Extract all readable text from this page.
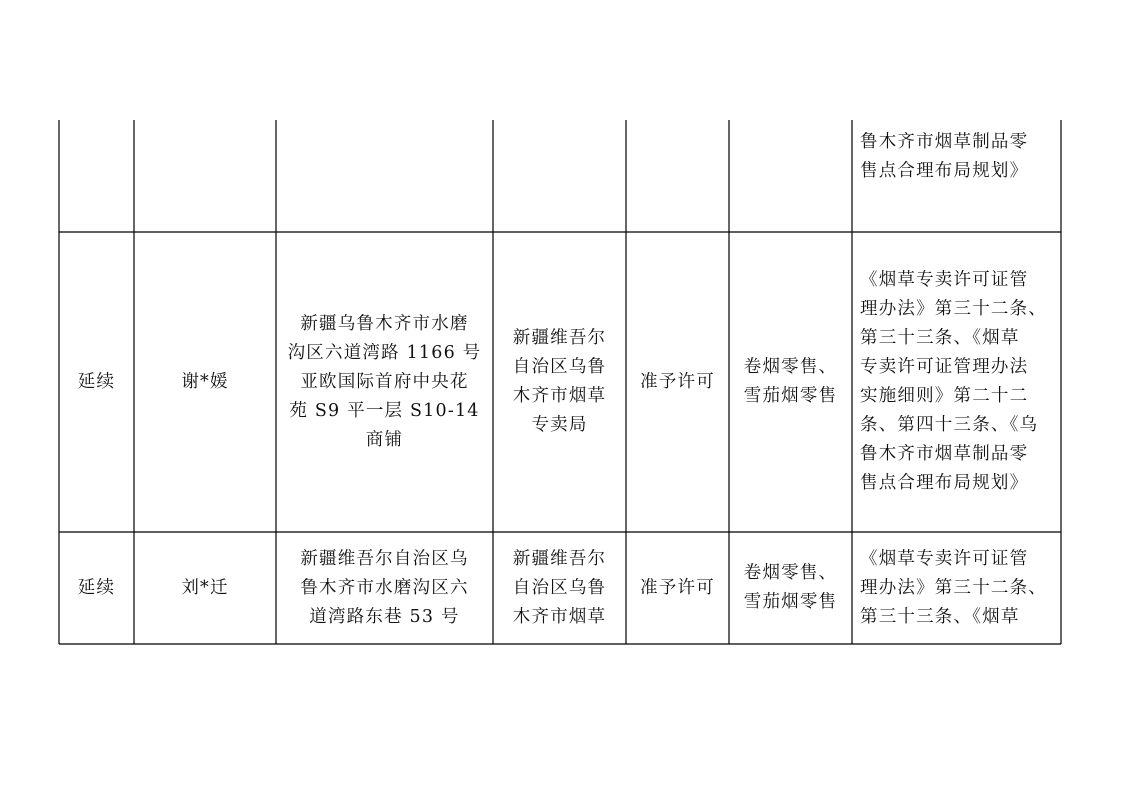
鲁木齐市烟草制品零
售点合理布局规划》
延续	谢*媛
新疆乌鲁木齐市水磨
沟区六道湾路 1166 号
亚欧国际首府中央花
苑 S9 平一层 S10-14
商铺
新疆维吾尔
自治区乌鲁
木齐市烟草
专卖局
准予许可
卷烟零售、
雪茄烟零售
《烟草专卖许可证管
理办法》第三十二条、
第三十三条、《烟草
专卖许可证管理办法
实施细则》第二十二
条、第四十三条、《乌
鲁木齐市烟草制品零
售点合理布局规划》
延续	刘*迁
新疆维吾尔自治区乌
鲁木齐市水磨沟区六
道湾路东巷 53 号
新疆维吾尔
自治区乌鲁
木齐市烟草
准予许可
卷烟零售、
雪茄烟零售
《烟草专卖许可证管
理办法》第三十二条、
第三十三条、《烟草
